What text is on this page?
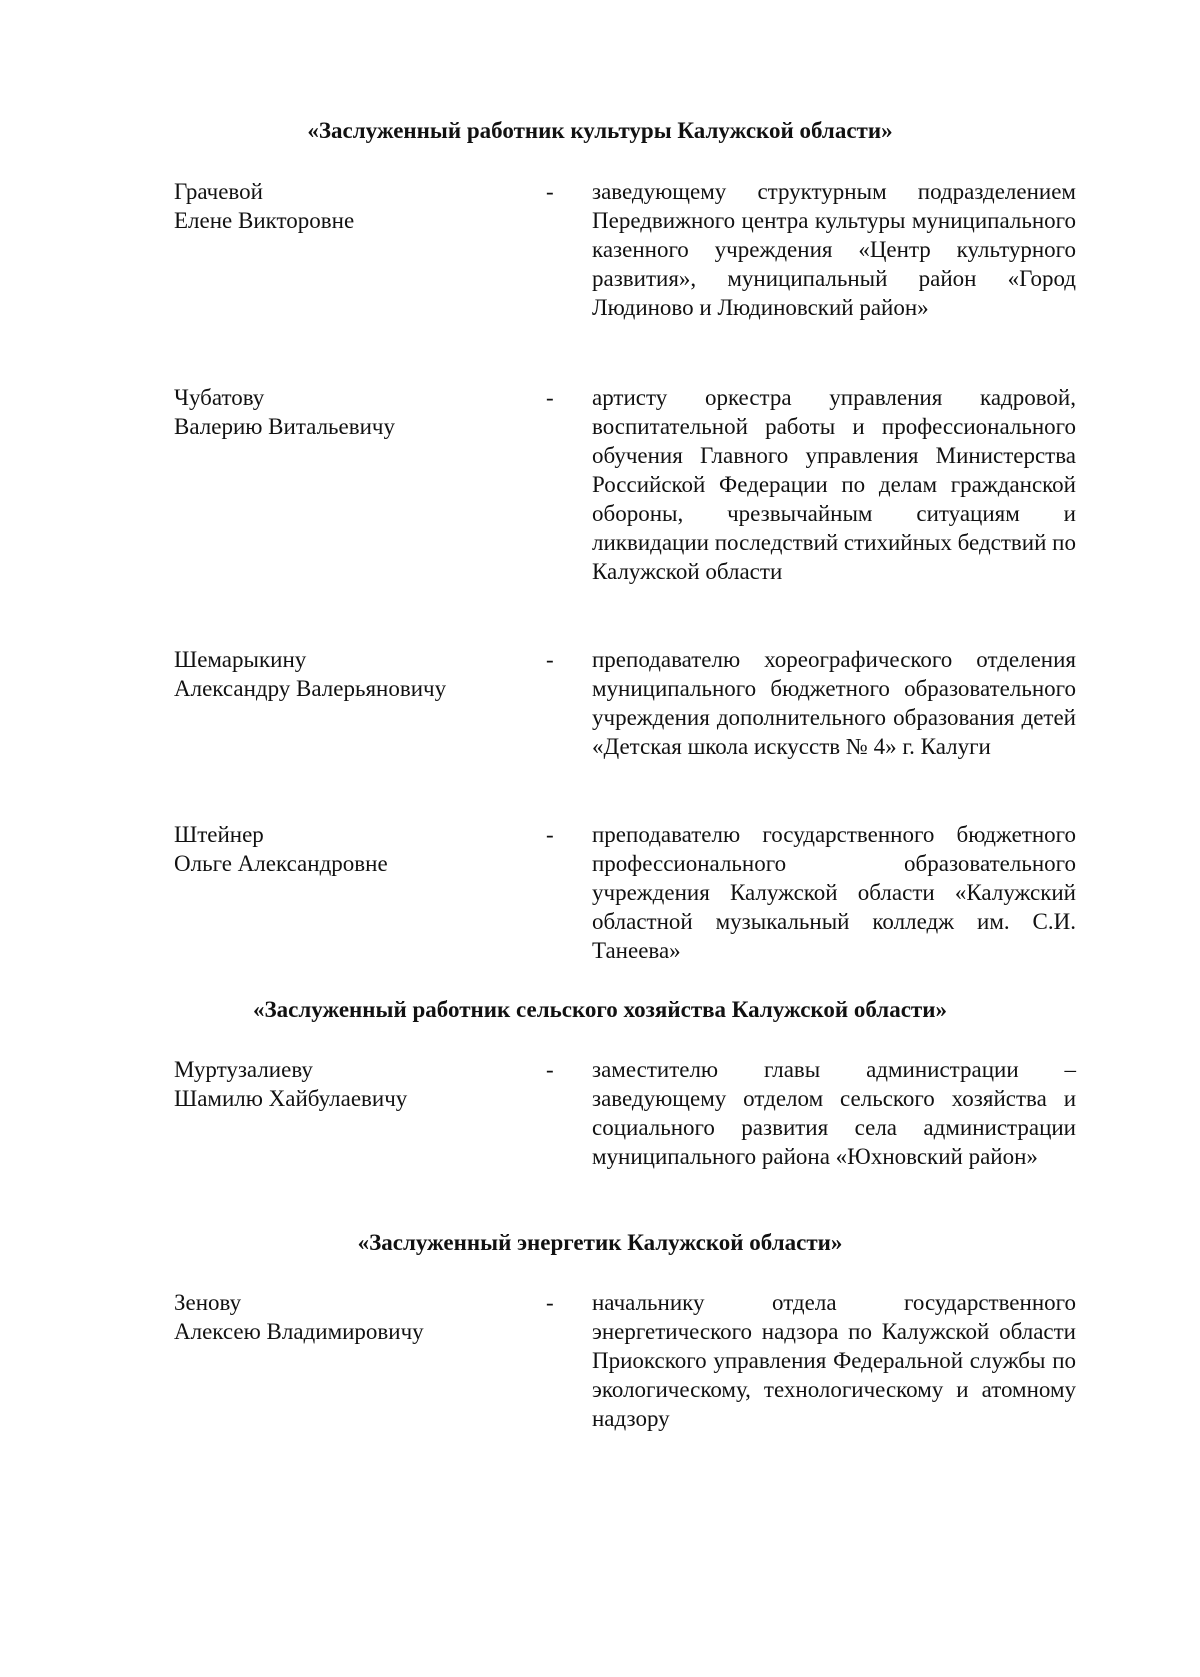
«Заслуженный работник культуры Калужской области»
Грачевой
Елене Викторовне
- заведующему структурным подразделением Передвижного центра культуры муниципального казенного учреждения «Центр культурного развития», муниципальный район «Город Людиново и Людиновский район»
Чубатову
Валерию Витальевичу
- артисту оркестра управления кадровой, воспитательной работы и профессионального обучения Главного управления Министерства Российской Федерации по делам гражданской обороны, чрезвычайным ситуациям и ликвидации последствий стихийных бедствий по Калужской области
Шемарыкину
Александру Валерьяновичу
- преподавателю хореографического отделения муниципального бюджетного образовательного учреждения дополнительного образования детей «Детская школа искусств № 4» г. Калуги
Штейнер
Ольге Александровне
- преподавателю государственного бюджетного профессионального образовательного учреждения Калужской области «Калужский областной музыкальный колледж им. С.И. Танеева»
«Заслуженный работник сельского хозяйства Калужской области»
Муртузалиеву
Шамилю Хайбулаевичу
- заместителю главы администрации – заведующему отделом сельского хозяйства и социального развития села администрации муниципального района «Юхновский район»
«Заслуженный энергетик Калужской области»
Зенову
Алексею Владимировичу
- начальнику отдела государственного энергетического надзора по Калужской области Приокского управления Федеральной службы по экологическому, технологическому и атомному надзору
